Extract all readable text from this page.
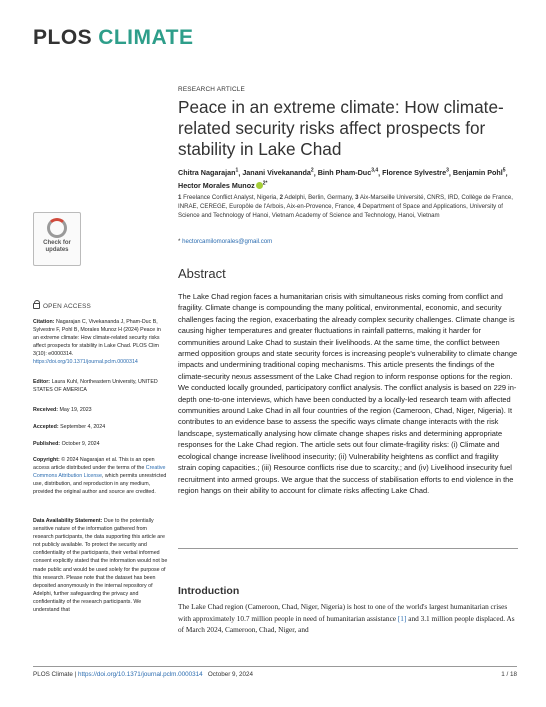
PLOS CLIMATE
Check for
updates
OPEN ACCESS
Citation: Nagarajan C, Vivekananda J, Pham-Duc B, Sylvestre F, Pohl B, Morales Munoz H (2024) Peace in an extreme climate: How climate-related security risks affect prospects for stability in Lake Chad. PLOS Clim 3(10): e0000314. https://doi.org/10.1371/journal.pclm.0000314
Editor: Laura Kuhl, Northeastern University, UNITED STATES OF AMERICA
Received: May 19, 2023
Accepted: September 4, 2024
Published: October 9, 2024
Copyright: © 2024 Nagarajan et al. This is an open access article distributed under the terms of the Creative Commons Attribution License, which permits unrestricted use, distribution, and reproduction in any medium, provided the original author and source are credited.
Data Availability Statement: Due to the potentially sensitive nature of the information gathered from research participants, the data supporting this article are not publicly available. To protect the security and confidentiality of the participants, their verbal informed consent explicitly stated that the information would not be made public and would be used solely for the purpose of this research. Please note that the dataset has been deposited anonymously in the internal repository of Adelphi, further safeguarding the privacy and confidentiality of the research participants. We understand that
RESEARCH ARTICLE
Peace in an extreme climate: How climate-related security risks affect prospects for stability in Lake Chad
Chitra Nagarajan$^1$, Janani Vivekananda$^2$, Binh Pham-Duc$^{3,4}$, Florence Sylvestre$^3$, Benjamin Pohl$^5$, Hector Morales Munoz $^{2*}$
1 Freelance Conflict Analyst, Nigeria, 2 Adelphi, Berlin, Germany, 3 Aix-Marseille Université, CNRS, IRD, Collège de France, INRAE, CEREGE, Europôle de l'Arbois, Aix-en-Provence, France, 4 Department of Space and Applications, University of Science and Technology of Hanoi, Vietnam Academy of Science and Technology, Hanoi, Vietnam
* hectorcamilomorales@gmail.com
Abstract
The Lake Chad region faces a humanitarian crisis with simultaneous risks coming from conflict and fragility. Climate change is compounding the many political, environmental, economic, and security challenges facing the region, exacerbating the already complex security challenges. Climate change is causing higher temperatures and greater fluctuations in rainfall patterns, making it harder for communities around Lake Chad to sustain their livelihoods. At the same time, the conflict between armed opposition groups and state security forces is increasing people's vulnerability to climate change impacts and undermining traditional coping mechanisms. This article presents the findings of the climate-security nexus assessment of the Lake Chad region to inform response options for the region. We conducted locally grounded, participatory conflict analysis. The conflict analysis is based on 229 in-depth one-to-one interviews, which have been conducted by a locally-led research team with affected communities around Lake Chad in all four countries of the region (Cameroon, Chad, Niger, Nigeria). It contributes to an evidence base to assess the specific ways climate change interacts with the risk landscape, systematically analysing how climate change shapes risks and determining appropriate responses for the Lake Chad region. The article sets out four climate-fragility risks: (i) Climate and ecological change increase livelihood insecurity; (ii) Vulnerability heightens as conflict and fragility strain coping capacities.; (iii) Resource conflicts rise due to scarcity.; and (iv) Livelihood insecurity fuel recruitment into armed groups. We argue that the success of stabilisation efforts to end violence in the region hangs on their ability to account for climate risks affecting Lake Chad.
Introduction
The Lake Chad region (Cameroon, Chad, Niger, Nigeria) is host to one of the world's largest humanitarian crises with approximately 10.7 million people in need of humanitarian assistance [1] and 3.1 million people displaced. As of March 2024, Cameroon, Chad, Niger, and
PLOS Climate | https://doi.org/10.1371/journal.pclm.0000314 October 9, 2024	1 / 18
